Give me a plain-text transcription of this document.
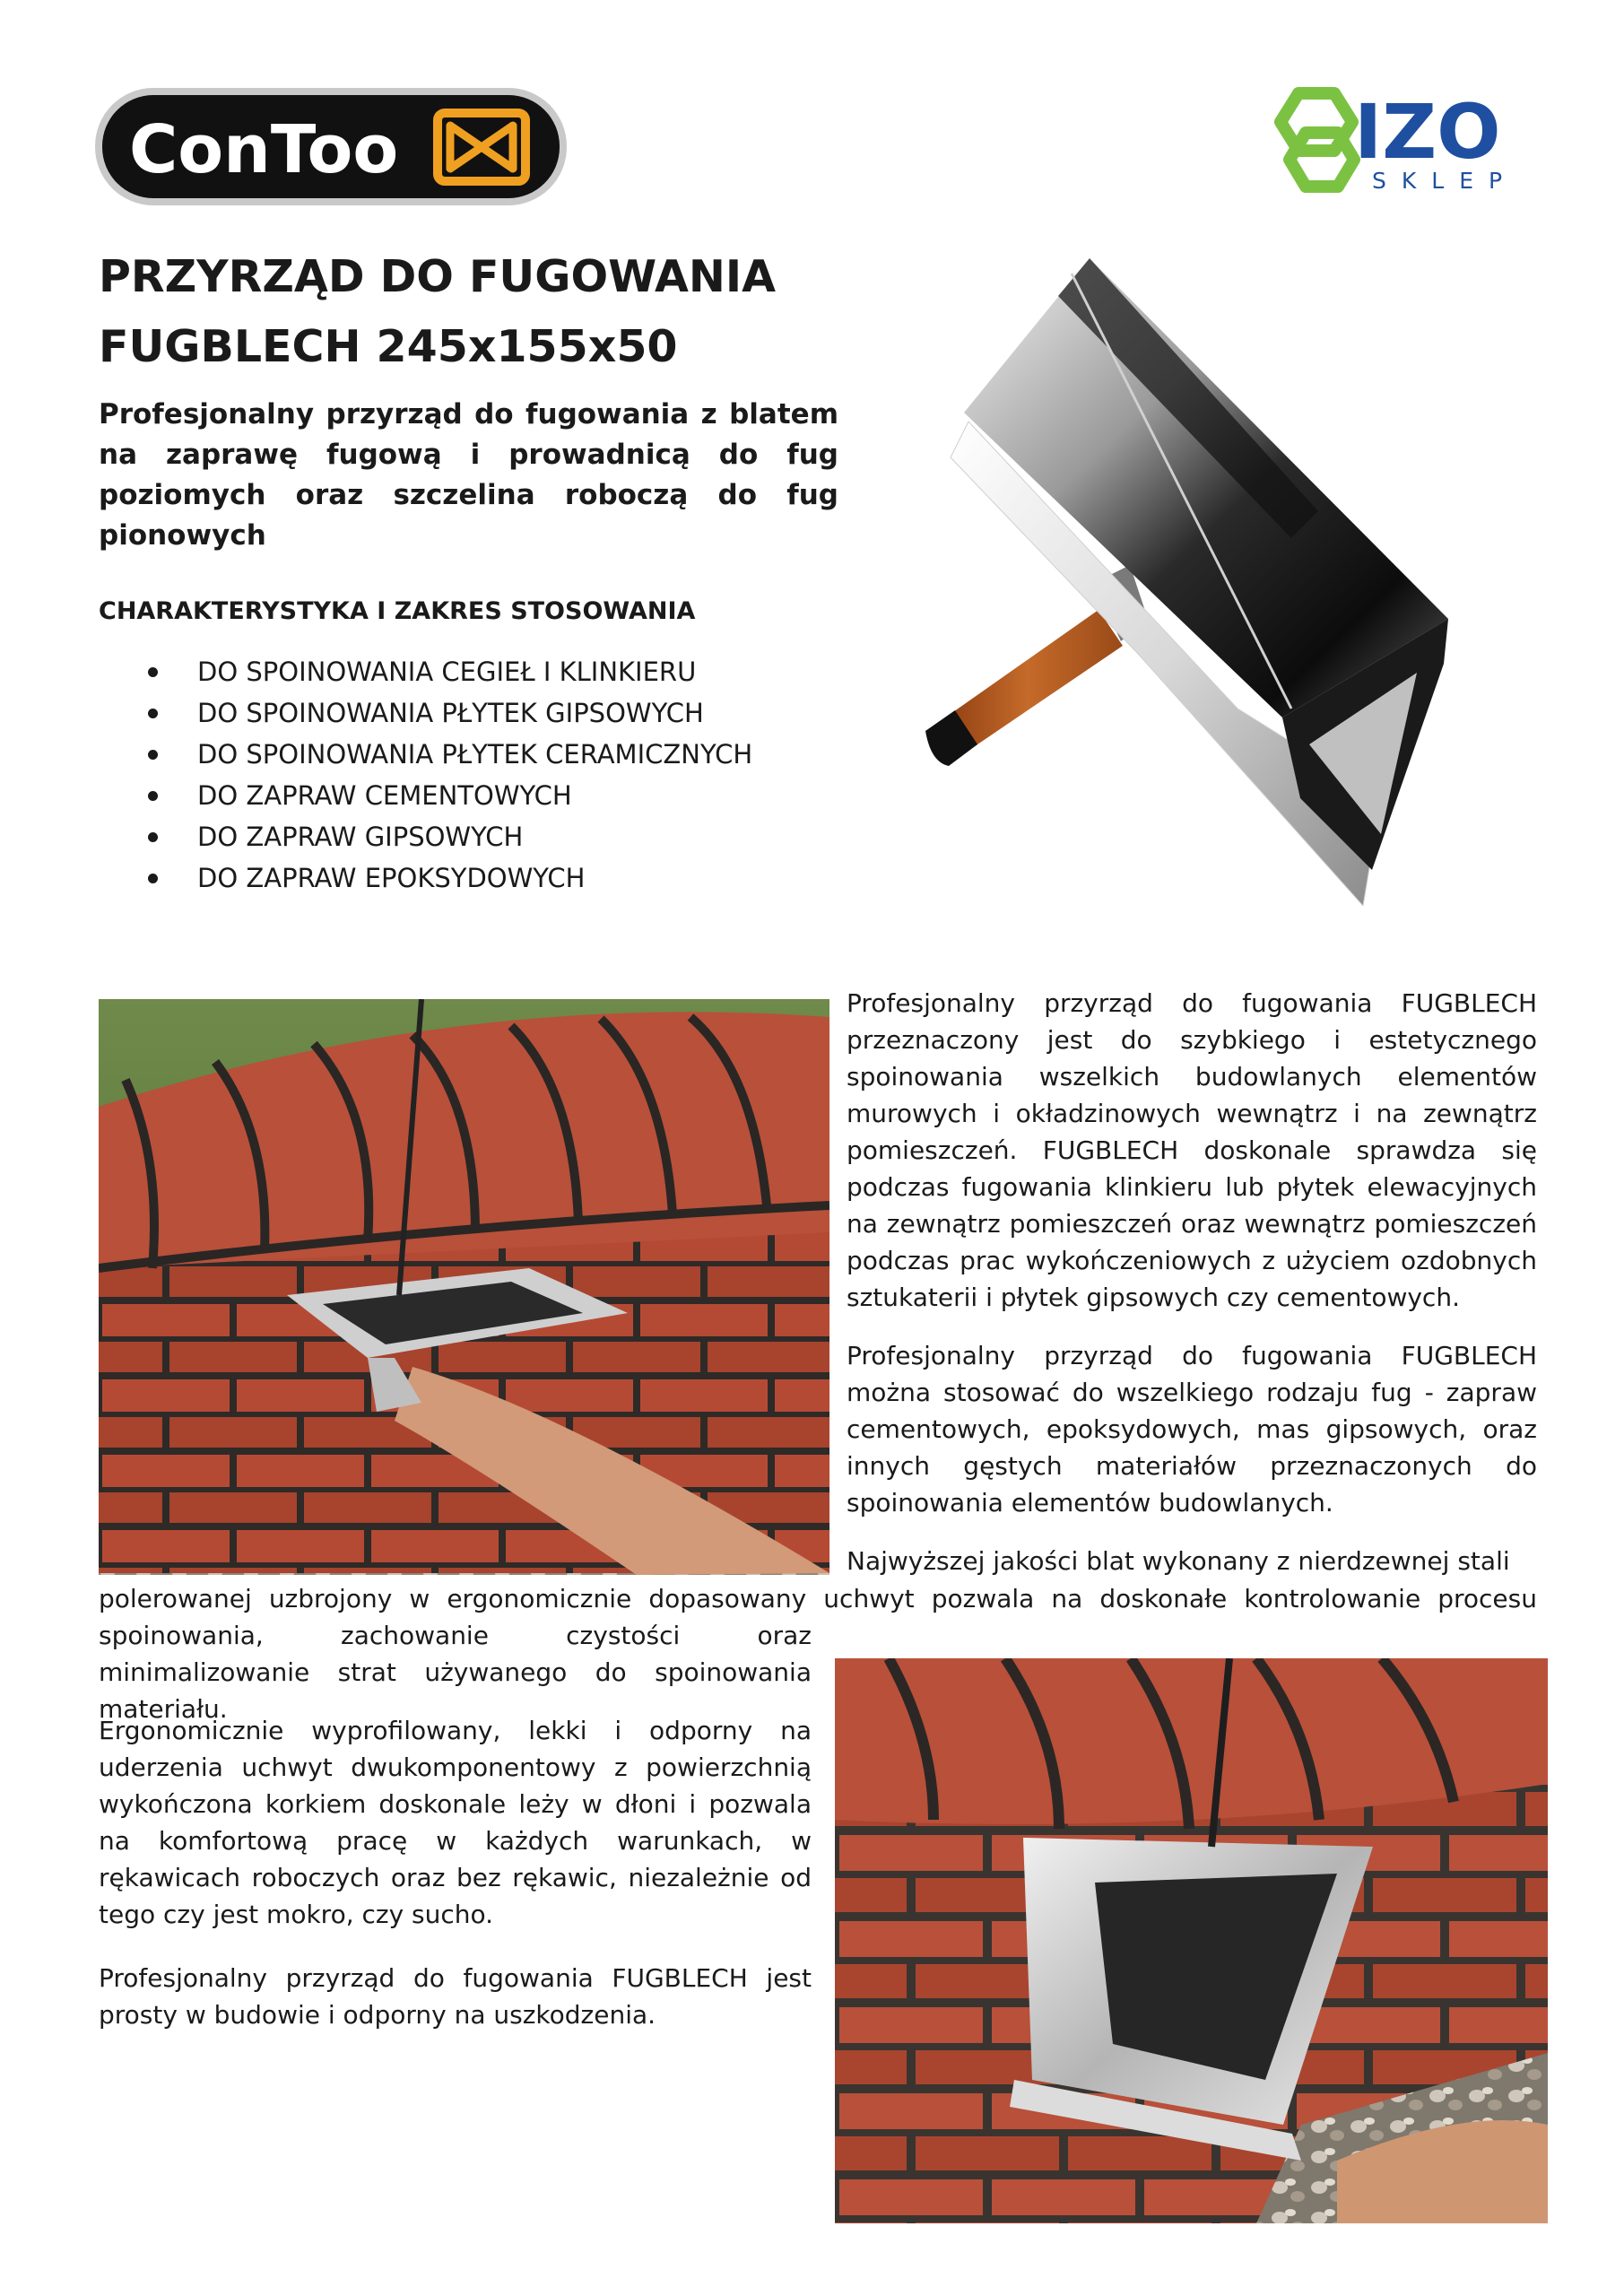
ConToo	IZO
SKLEP
PRZYRZĄD DO FUGOWANIA
FUGBLECH 245x155x50
Profesjonalny przyrząd do fugowania z blatem na zaprawę fugową i prowadnicą do fug poziomych oraz szczelina roboczą do fug pionowych
CHARAKTERYSTYKA I ZAKRES STOSOWANIA
DO SPOINOWANIA CEGIEŁ I KLINKIERU
DO SPOINOWANIA PŁYTEK GIPSOWYCH
DO SPOINOWANIA PŁYTEK CERAMICZNYCH
DO ZAPRAW CEMENTOWYCH
DO ZAPRAW GIPSOWYCH
DO ZAPRAW EPOKSYDOWYCH
Profesjonalny przyrząd do fugowania FUGBLECH przeznaczony jest do szybkiego i estetycznego spoinowania wszelkich budowlanych elementów murowych i okładzinowych wewnątrz i na zewnątrz pomieszczeń. FUGBLECH doskonale sprawdza się podczas fugowania klinkieru lub płytek elewacyjnych na zewnątrz pomieszczeń oraz wewnątrz pomieszczeń podczas prac wykończeniowych z użyciem ozdobnych sztukaterii i płytek gipsowych czy cementowych.
Profesjonalny przyrząd do fugowania FUGBLECH można stosować do wszelkiego rodzaju fug - zapraw cementowych, epoksydowych, mas gipsowych, oraz innych gęstych materiałów przeznaczonych do spoinowania elementów budowlanych.
Najwyższej jakości blat wykonany z nierdzewnej stali
polerowanej uzbrojony w ergonomicznie dopasowany uchwyt pozwala na doskonałe kontrolowanie procesu
spoinowania, zachowanie czystości oraz minimalizowanie strat używanego do spoinowania materiału.
Ergonomicznie wyprofilowany, lekki i odporny na uderzenia uchwyt dwukomponentowy z powierzchnią wykończona korkiem doskonale leży w dłoni i pozwala na komfortową pracę w każdych warunkach, w rękawicach roboczych oraz bez rękawic, niezależnie od tego czy jest mokro, czy sucho.
Profesjonalny przyrząd do fugowania FUGBLECH jest prosty w budowie i odporny na uszkodzenia.
